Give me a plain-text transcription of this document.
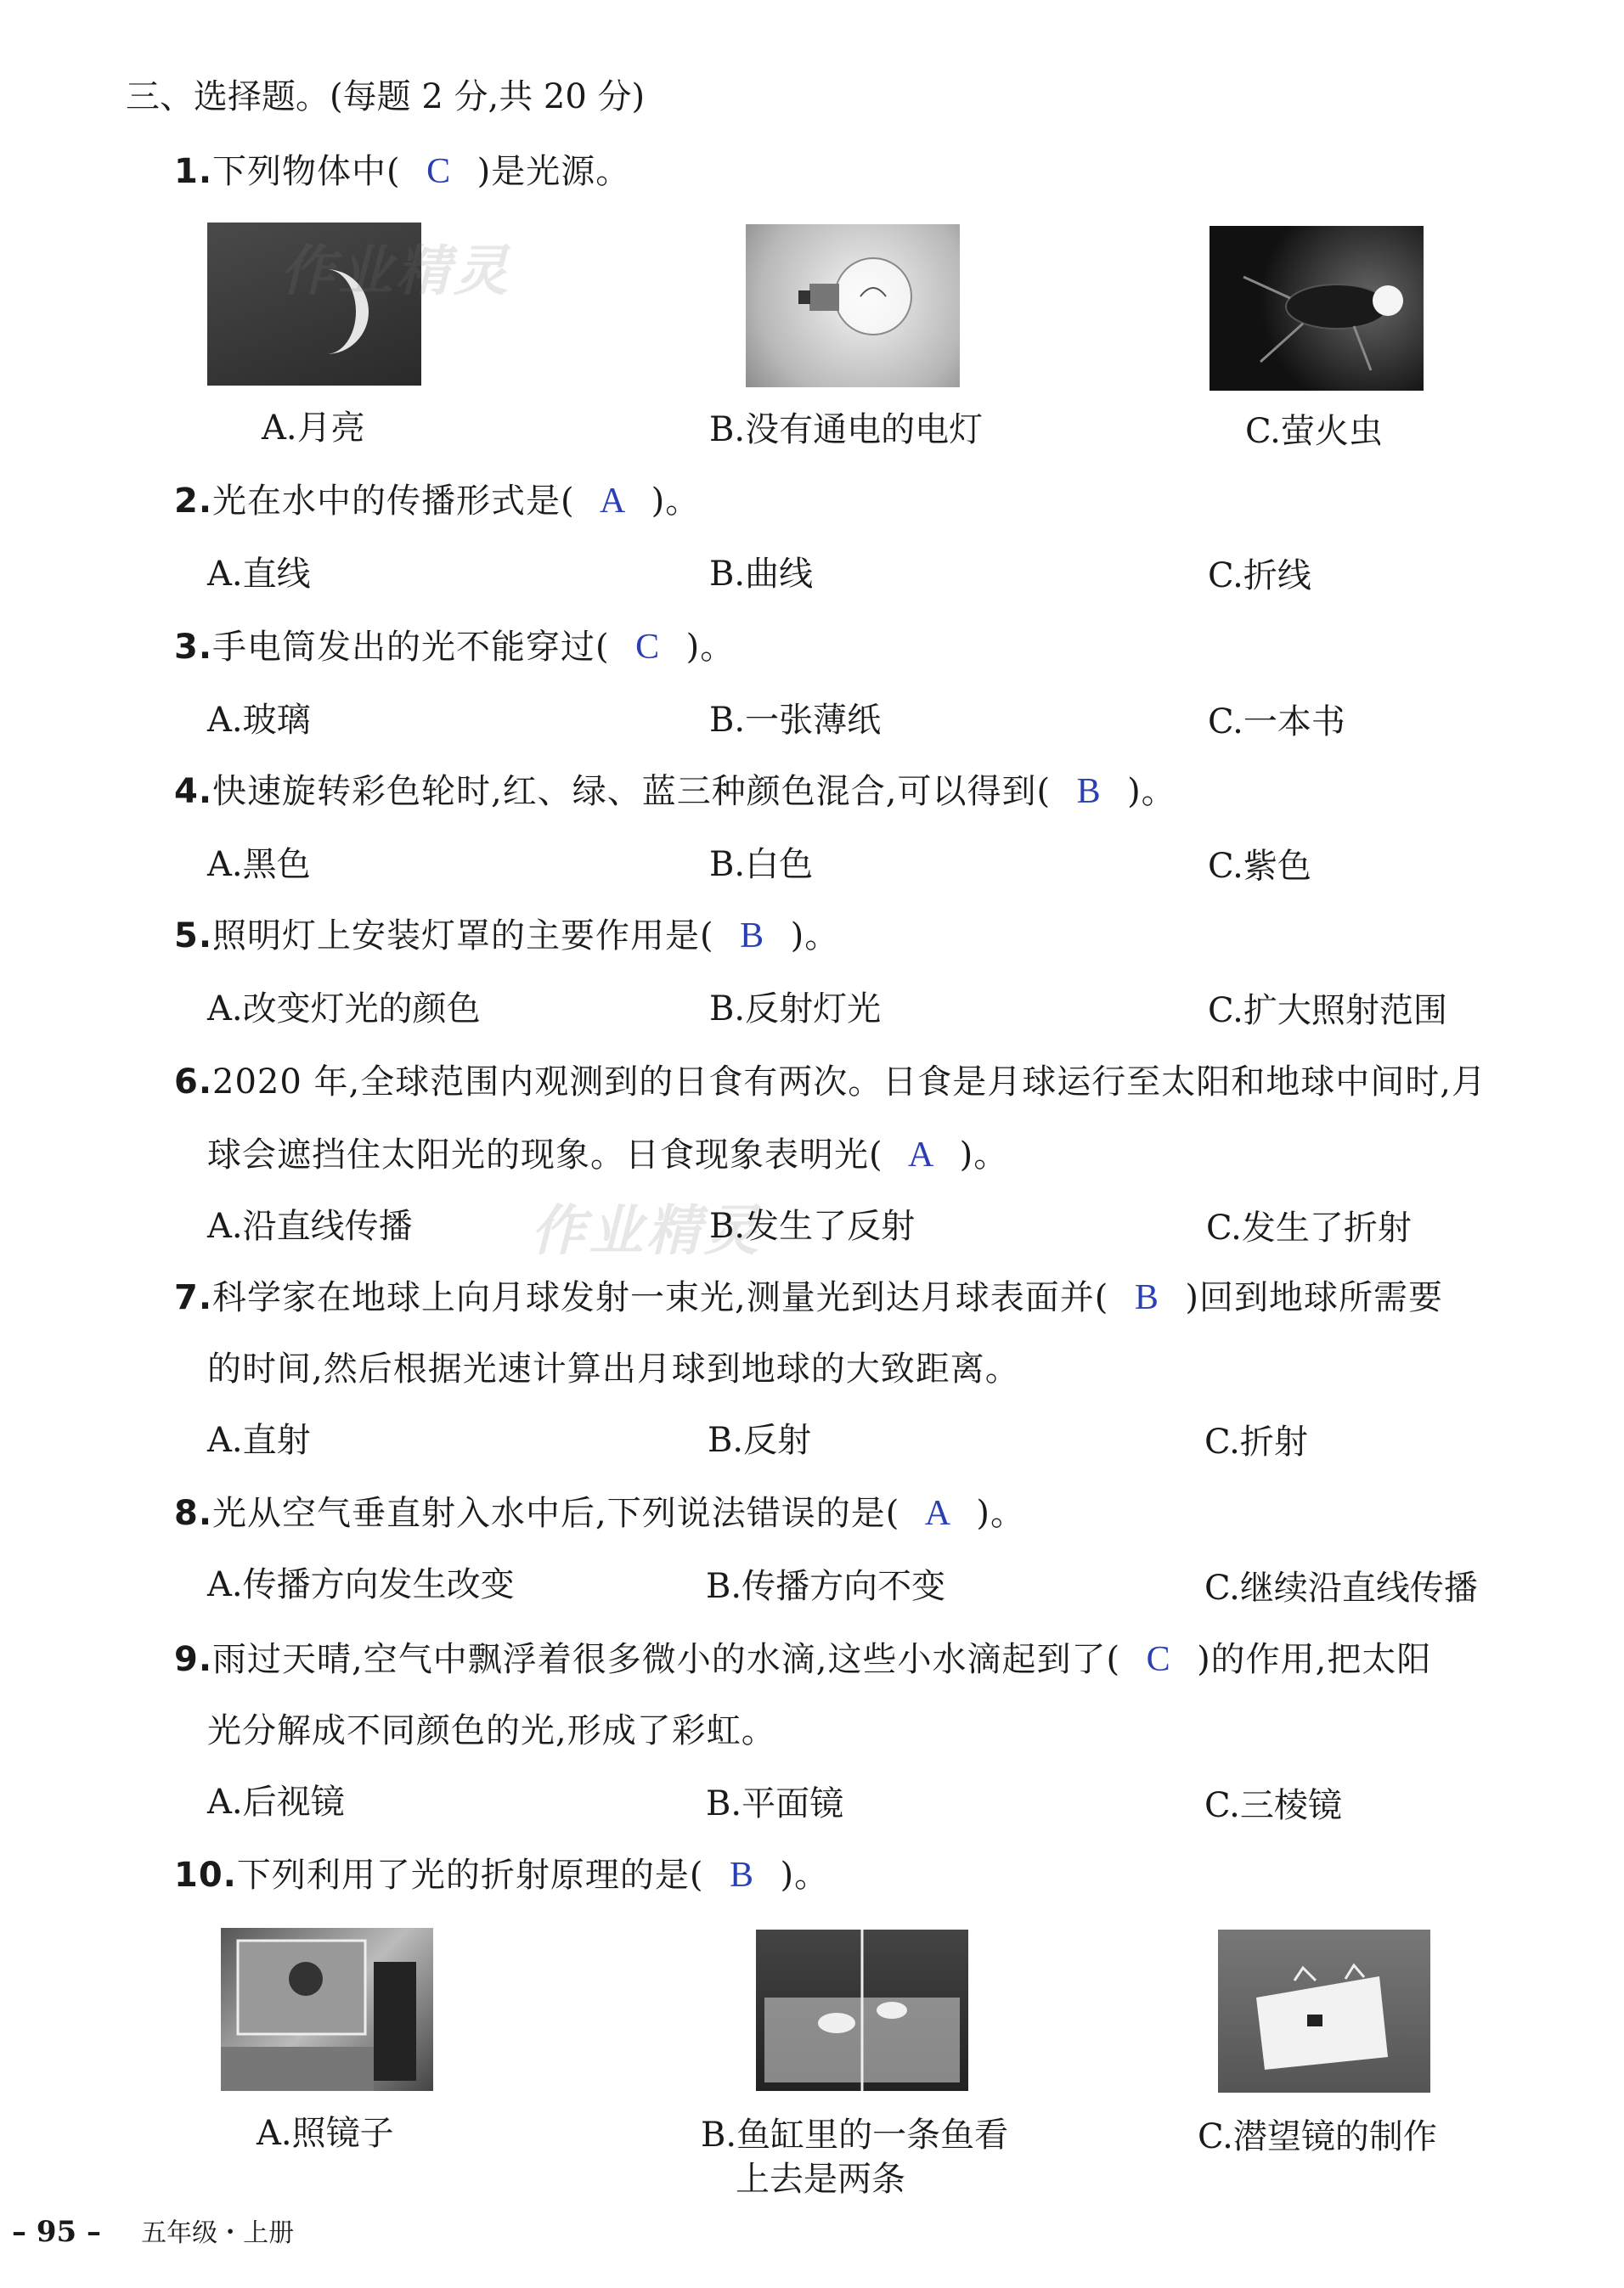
三、选择题。(每题 2 分,共 20 分)
1.下列物体中( C )是光源。
作业精灵
A.月亮	B.没有通电的电灯	C.萤火虫
2.光在水中的传播形式是( A )。
A.直线	B.曲线	C.折线
3.手电筒发出的光不能穿过( C )。
A.玻璃	B.一张薄纸	C.一本书
4.快速旋转彩色轮时,红、绿、蓝三种颜色混合,可以得到( B )。
A.黑色	B.白色	C.紫色
5.照明灯上安装灯罩的主要作用是( B )。
A.改变灯光的颜色	B.反射灯光	C.扩大照射范围
6.2020 年,全球范围内观测到的日食有两次。日食是月球运行至太阳和地球中间时,月
球会遮挡住太阳光的现象。日食现象表明光( A )。
作业精灵
A.沿直线传播	B.发生了反射	C.发生了折射
7.科学家在地球上向月球发射一束光,测量光到达月球表面并( B )回到地球所需要
的时间,然后根据光速计算出月球到地球的大致距离。
A.直射	B.反射	C.折射
8.光从空气垂直射入水中后,下列说法错误的是( A )。
A.传播方向发生改变	B.传播方向不变	C.继续沿直线传播
9.雨过天晴,空气中飘浮着很多微小的水滴,这些小水滴起到了( C )的作用,把太阳
光分解成不同颜色的光,形成了彩虹。
A.后视镜	B.平面镜	C.三棱镜
10.下列利用了光的折射原理的是( B )。
A.照镜子	B.鱼缸里的一条鱼看
上去是两条
C.潜望镜的制作
– 95 – 五年级・上册
